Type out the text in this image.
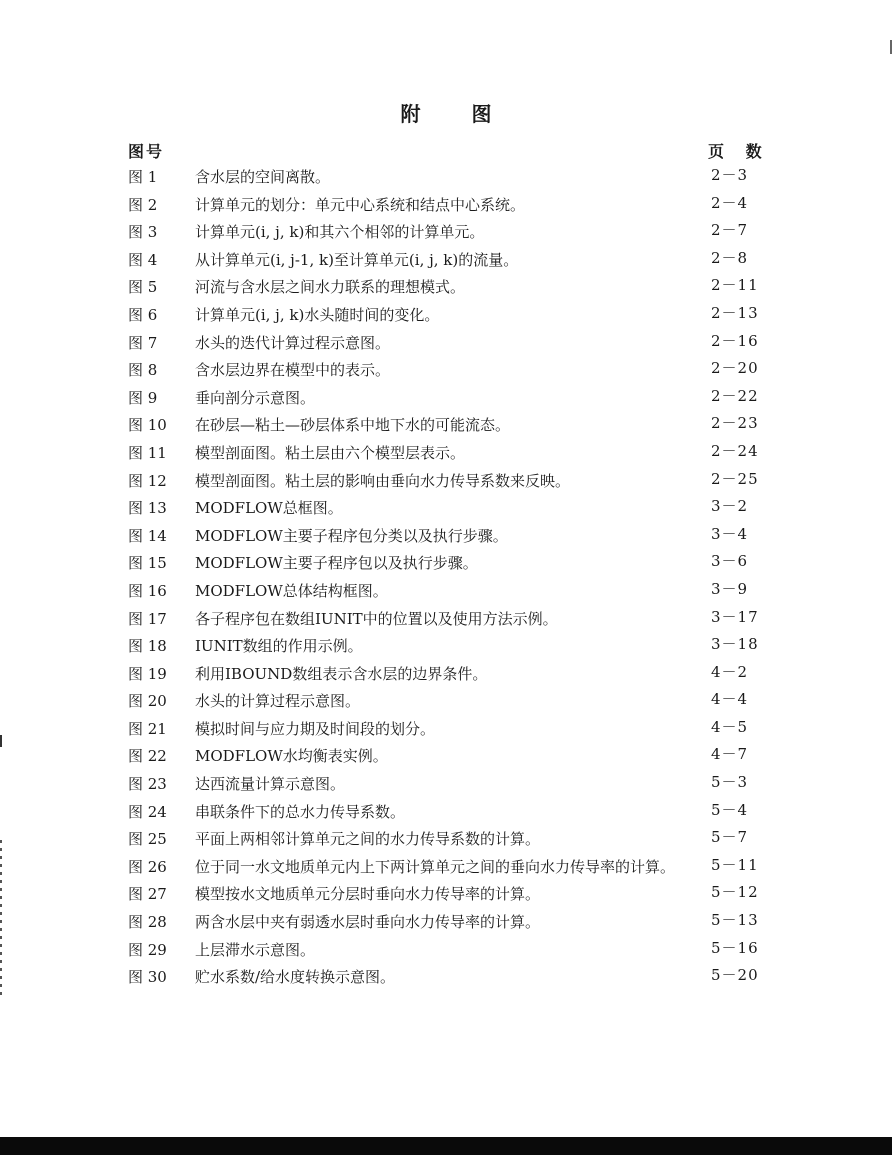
附 图
图号	页 数
图 1	含水层的空间离散。	2－3
图 2	计算单元的划分：单元中心系统和结点中心系统。	2－4
图 3	计算单元(i, j, k)和其六个相邻的计算单元。	2－7
图 4	从计算单元(i, j-1, k)至计算单元(i, j, k)的流量。	2－8
图 5	河流与含水层之间水力联系的理想模式。	2－11
图 6	计算单元(i, j, k)水头随时间的变化。	2－13
图 7	水头的迭代计算过程示意图。	2－16
图 8	含水层边界在模型中的表示。	2－20
图 9	垂向剖分示意图。	2－22
图 10 在砂层—粘土—砂层体系中地下水的可能流态。	2－23
图 11 模型剖面图。粘土层由六个模型层表示。	2－24
图 12 模型剖面图。粘土层的影响由垂向水力传导系数来反映。	2－25
图 13 MODFLOW总框图。	3－2
图 14 MODFLOW主要子程序包分类以及执行步骤。	3－4
图 15 MODFLOW主要子程序包以及执行步骤。	3－6
图 16 MODFLOW总体结构框图。	3－9
图 17 各子程序包在数组IUNIT中的位置以及使用方法示例。	3－17
图 18 IUNIT数组的作用示例。	3－18
图 19 利用IBOUND数组表示含水层的边界条件。	4－2
图 20 水头的计算过程示意图。	4－4
图 21 模拟时间与应力期及时间段的划分。	4－5
图 22 MODFLOW水均衡表实例。	4－7
图 23 达西流量计算示意图。	5－3
图 24 串联条件下的总水力传导系数。	5－4
图 25 平面上两相邻计算单元之间的水力传导系数的计算。	5－7
图 26 位于同一水文地质单元内上下两计算单元之间的垂向水力传导率的计算。 5－11
图 27 模型按水文地质单元分层时垂向水力传导率的计算。	5－12
图 28 两含水层中夹有弱透水层时垂向水力传导率的计算。	5－13
图 29 上层滞水示意图。	5－16
图 30 贮水系数/给水度转换示意图。	5－20
